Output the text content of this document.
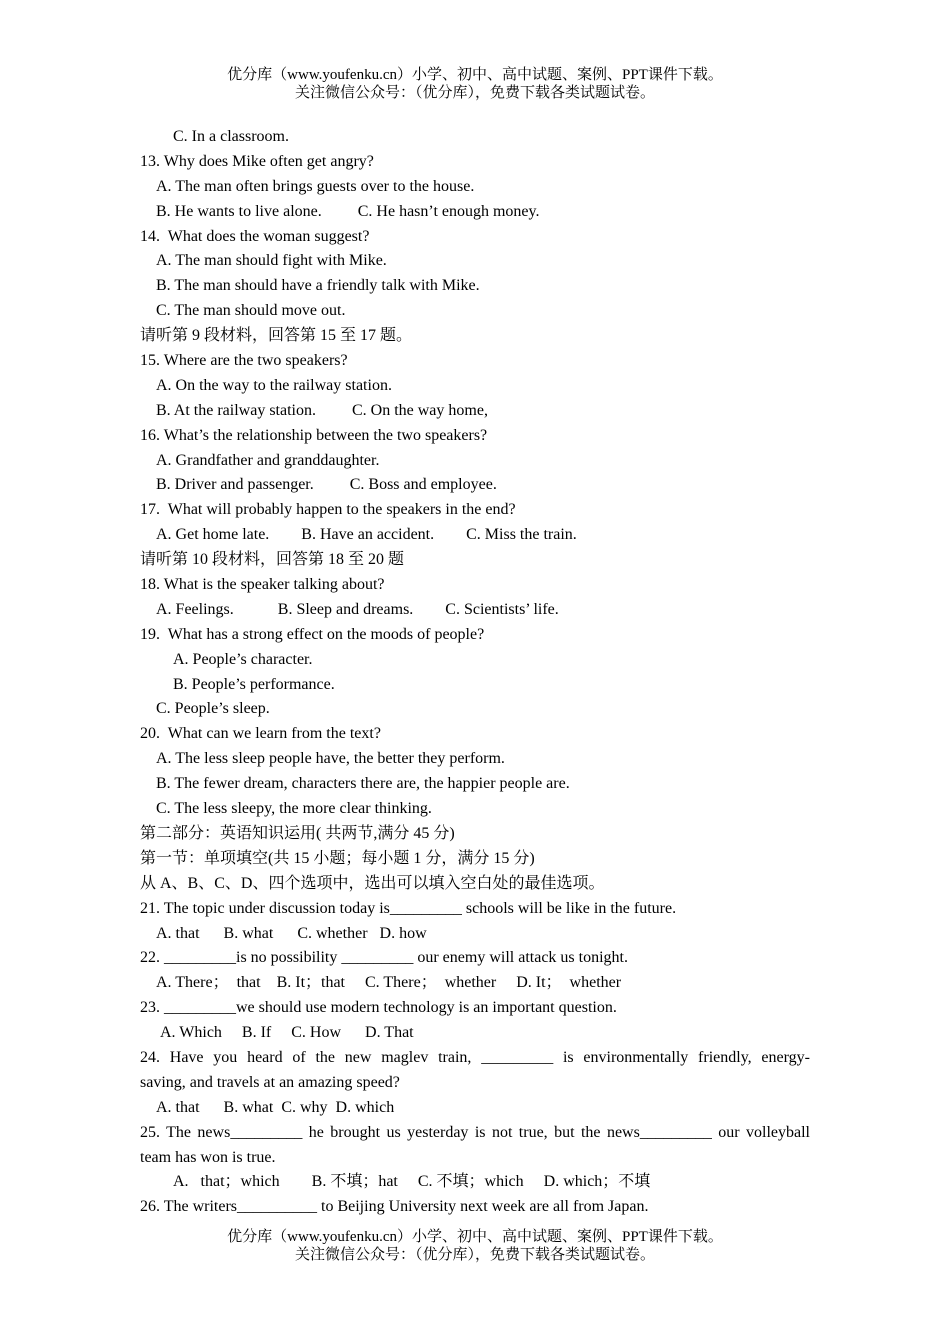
优分库（www.youfenku.cn）小学、初中、高中试题、案例、PPT课件下载。
关注微信公众号：（优分库），免费下载各类试题试卷。
C. In a classroom.
13. Why does Mike often get angry?
A. The man often brings guests over to the house.
B. He wants to live alone.         C. He hasn’t enough money.
14.  What does the woman suggest?
A. The man should fight with Mike.
B. The man should have a friendly talk with Mike.
C. The man should move out.
请听第 9 段材料，回答第 15 至 17 题。
15. Where are the two speakers?
A. On the way to the railway station.
B. At the railway station.         C. On the way home,
16. What’s the relationship between the two speakers?
A. Grandfather and granddaughter.
B. Driver and passenger.         C. Boss and employee.
17.  What will probably happen to the speakers in the end?
A. Get home late.        B. Have an accident.        C. Miss the train.
请听第 10 段材料，回答第 18 至 20 题
18. What is the speaker talking about?
A. Feelings.           B. Sleep and dreams.        C. Scientists’ life.
19.  What has a strong effect on the moods of people?
A. People’s character.
B. People’s performance.
C. People’s sleep.
20.  What can we learn from the text?
A. The less sleep people have, the better they perform.
B. The fewer dream, characters there are, the happier people are.
C. The less sleepy, the more clear thinking.
第二部分：英语知识运用( 共两节,满分 45 分)
第一节：单项填空(共 15 小题；每小题 1 分，满分 15 分)
从 A、B、C、D、四个选项中，选出可以填入空白处的最佳选项。
21. The topic under discussion today is_________ schools will be like in the future.
A. that      B. what      C. whether   D. how
22. _________is no possibility _________ our enemy will attack us tonight.
A. There；  that    B. It；that     C. There；  whether     D. It；  whether
23. _________we should use modern technology is an important question.
A. Which     B. If     C. How      D. That
24. Have you heard of the new maglev train, _________ is environmentally friendly, energy-
saving, and travels at an amazing speed?
A. that      B. what  C. why  D. which
25. The news_________ he brought us yesterday is not true, but the news_________ our volleyball
team has won is true.
A.   that；which        B. 不填；hat     C. 不填；which     D. which；不填
26. The writers__________ to Beijing University next week are all from Japan.
优分库（www.youfenku.cn）小学、初中、高中试题、案例、PPT课件下载。
关注微信公众号：（优分库），免费下载各类试题试卷。
